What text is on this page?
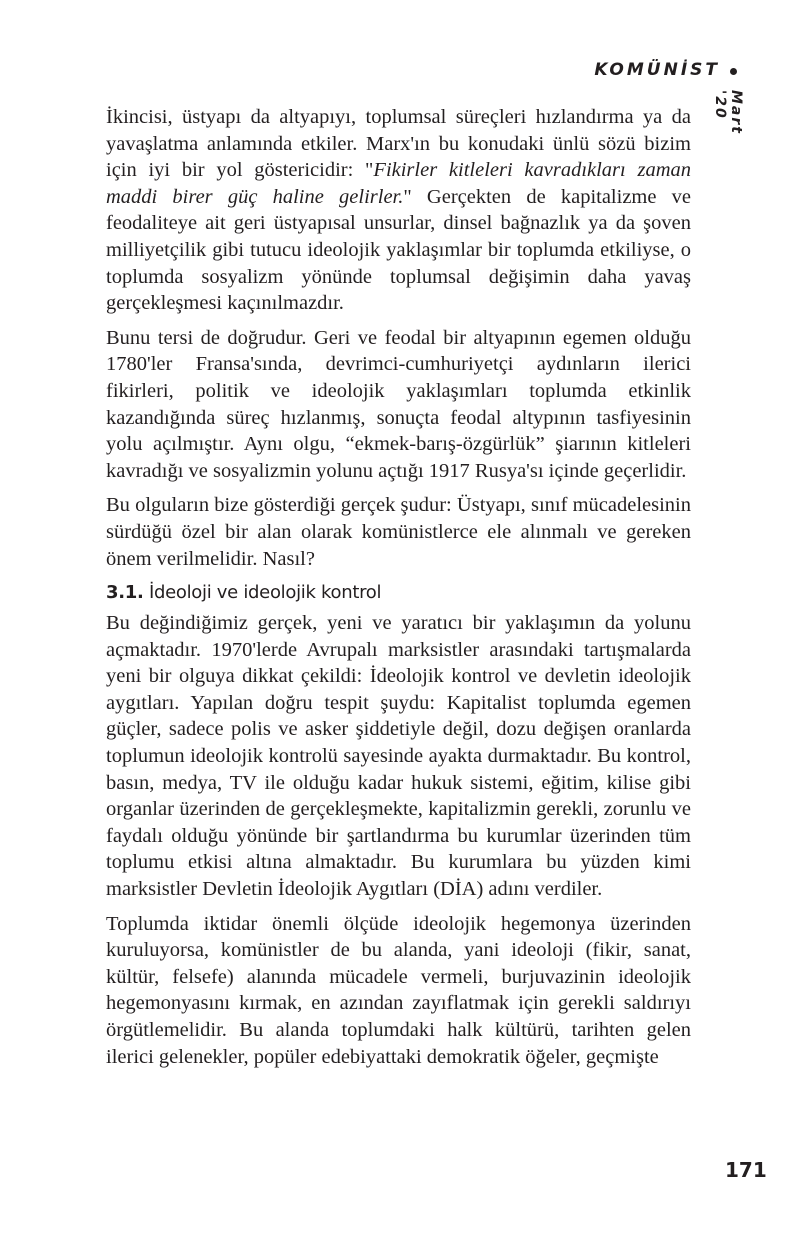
KOMÜNİST
Mart '20

İkincisi, üstyapı da altyapıyı, toplumsal süreçleri hızlandırma ya da yavaşlatma anlamında etkiler. Marx'ın bu konudaki ünlü sözü bizim için iyi bir yol göstericidir: "Fikirler kitleleri kavradıkları zaman maddi birer güç haline gelirler." Gerçekten de kapitalizme ve feodaliteye ait geri üstyapısal unsurlar, dinsel bağnazlık ya da şoven milliyetçilik gibi tutucu ideolojik yaklaşımlar bir toplumda etkiliyse, o toplumda sosyalizm yönünde toplumsal değişimin daha yavaş gerçekleşmesi kaçınılmazdır.

Bunu tersi de doğrudur. Geri ve feodal bir altyapının egemen olduğu 1780'ler Fransa'sında, devrimci-cumhuriyetçi aydınların ilerici fikirleri, politik ve ideolojik yaklaşımları toplumda etkinlik kazandığında süreç hızlanmış, sonuçta feodal altypının tasfiyesinin yolu açılmıştır. Aynı olgu, “ekmek-barış-özgürlük” şiarının kitleleri kavradığı ve sosyalizmin yolunu açtığı 1917 Rusya'sı içinde geçerlidir.

Bu olguların bize gösterdiği gerçek şudur: Üstyapı, sınıf mücadelesinin sürdüğü özel bir alan olarak komünistlerce ele alınmalı ve gereken önem verilmelidir. Nasıl?

3.1. İdeoloji ve ideolojik kontrol

Bu değindiğimiz gerçek, yeni ve yaratıcı bir yaklaşımın da yolunu açmaktadır. 1970'lerde Avrupalı marksistler arasındaki tartışmalarda yeni bir olguya dikkat çekildi: İdeolojik kontrol ve devletin ideolojik aygıtları. Yapılan doğru tespit şuydu: Kapitalist toplumda egemen güçler, sadece polis ve asker şiddetiyle değil, dozu değişen oranlarda toplumun ideolojik kontrolü sayesinde ayakta durmaktadır. Bu kontrol, basın, medya, TV ile olduğu kadar hukuk sistemi, eğitim, kilise gibi organlar üzerinden de gerçekleşmekte, kapitalizmin gerekli, zorunlu ve faydalı olduğu yönünde bir şartlandırma bu kurumlar üzerinden tüm toplumu etkisi altına almaktadır. Bu kurumlara bu yüzden kimi marksistler Devletin İdeolojik Aygıtları (DİA) adını verdiler.

Toplumda iktidar önemli ölçüde ideolojik hegemonya üzerinden kuruluyorsa, komünistler de bu alanda, yani ideoloji (fikir, sanat, kültür, felsefe) alanında mücadele vermeli, burjuvazinin ideolojik hegemonyasını kırmak, en azından zayıflatmak için gerekli saldırıyı örgütlemelidir. Bu alanda toplumdaki halk kültürü, tarihten gelen ilerici gelenekler, popüler edebiyattaki demokratik öğeler, geçmişte

171
